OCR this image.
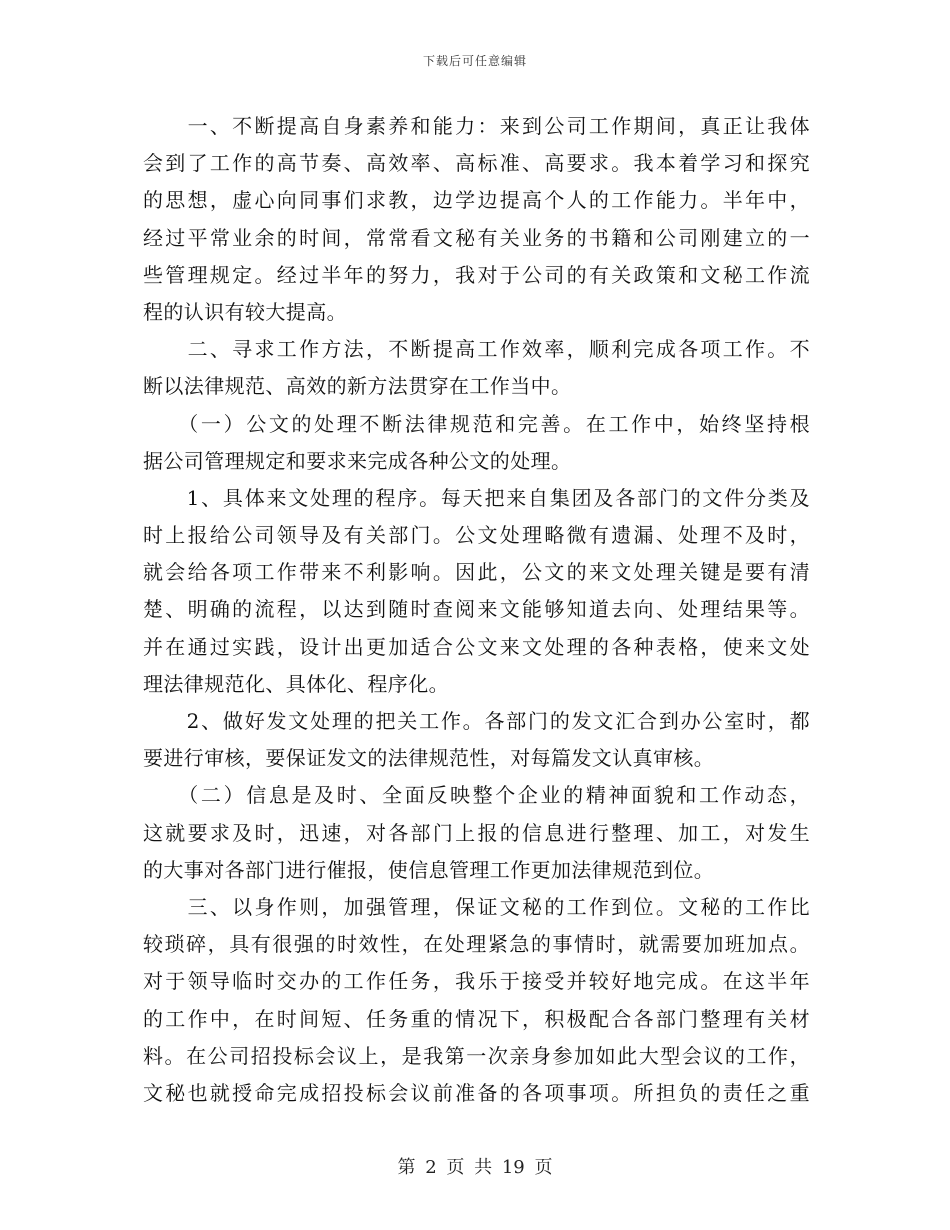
下载后可任意编辑
　　一、不断提高自身素养和能力：来到公司工作期间，真正让我体
会到了工作的高节奏、高效率、高标准、高要求。我本着学习和探究
的思想，虚心向同事们求教，边学边提高个人的工作能力。半年中，
经过平常业余的时间，常常看文秘有关业务的书籍和公司刚建立的一
些管理规定。经过半年的努力，我对于公司的有关政策和文秘工作流
程的认识有较大提高。
　　二、寻求工作方法，不断提高工作效率，顺利完成各项工作。不
断以法律规范、高效的新方法贯穿在工作当中。
　　（一）公文的处理不断法律规范和完善。在工作中，始终坚持根
据公司管理规定和要求来完成各种公文的处理。
　　1、具体来文处理的程序。每天把来自集团及各部门的文件分类及
时上报给公司领导及有关部门。公文处理略微有遗漏、处理不及时，
就会给各项工作带来不利影响。因此，公文的来文处理关键是要有清
楚、明确的流程，以达到随时查阅来文能够知道去向、处理结果等。
并在通过实践，设计出更加适合公文来文处理的各种表格，使来文处
理法律规范化、具体化、程序化。
　　2、做好发文处理的把关工作。各部门的发文汇合到办公室时，都
要进行审核，要保证发文的法律规范性，对每篇发文认真审核。
　　（二）信息是及时、全面反映整个企业的精神面貌和工作动态，
这就要求及时，迅速，对各部门上报的信息进行整理、加工，对发生
的大事对各部门进行催报，使信息管理工作更加法律规范到位。
　　三、以身作则，加强管理，保证文秘的工作到位。文秘的工作比
较琐碎，具有很强的时效性，在处理紧急的事情时，就需要加班加点。
对于领导临时交办的工作任务，我乐于接受并较好地完成。在这半年
的工作中，在时间短、任务重的情况下，积极配合各部门整理有关材
料。在公司招投标会议上，是我第一次亲身参加如此大型会议的工作，
文秘也就授命完成招投标会议前准备的各项事项。所担负的责任之重
第 2 页 共 19 页
